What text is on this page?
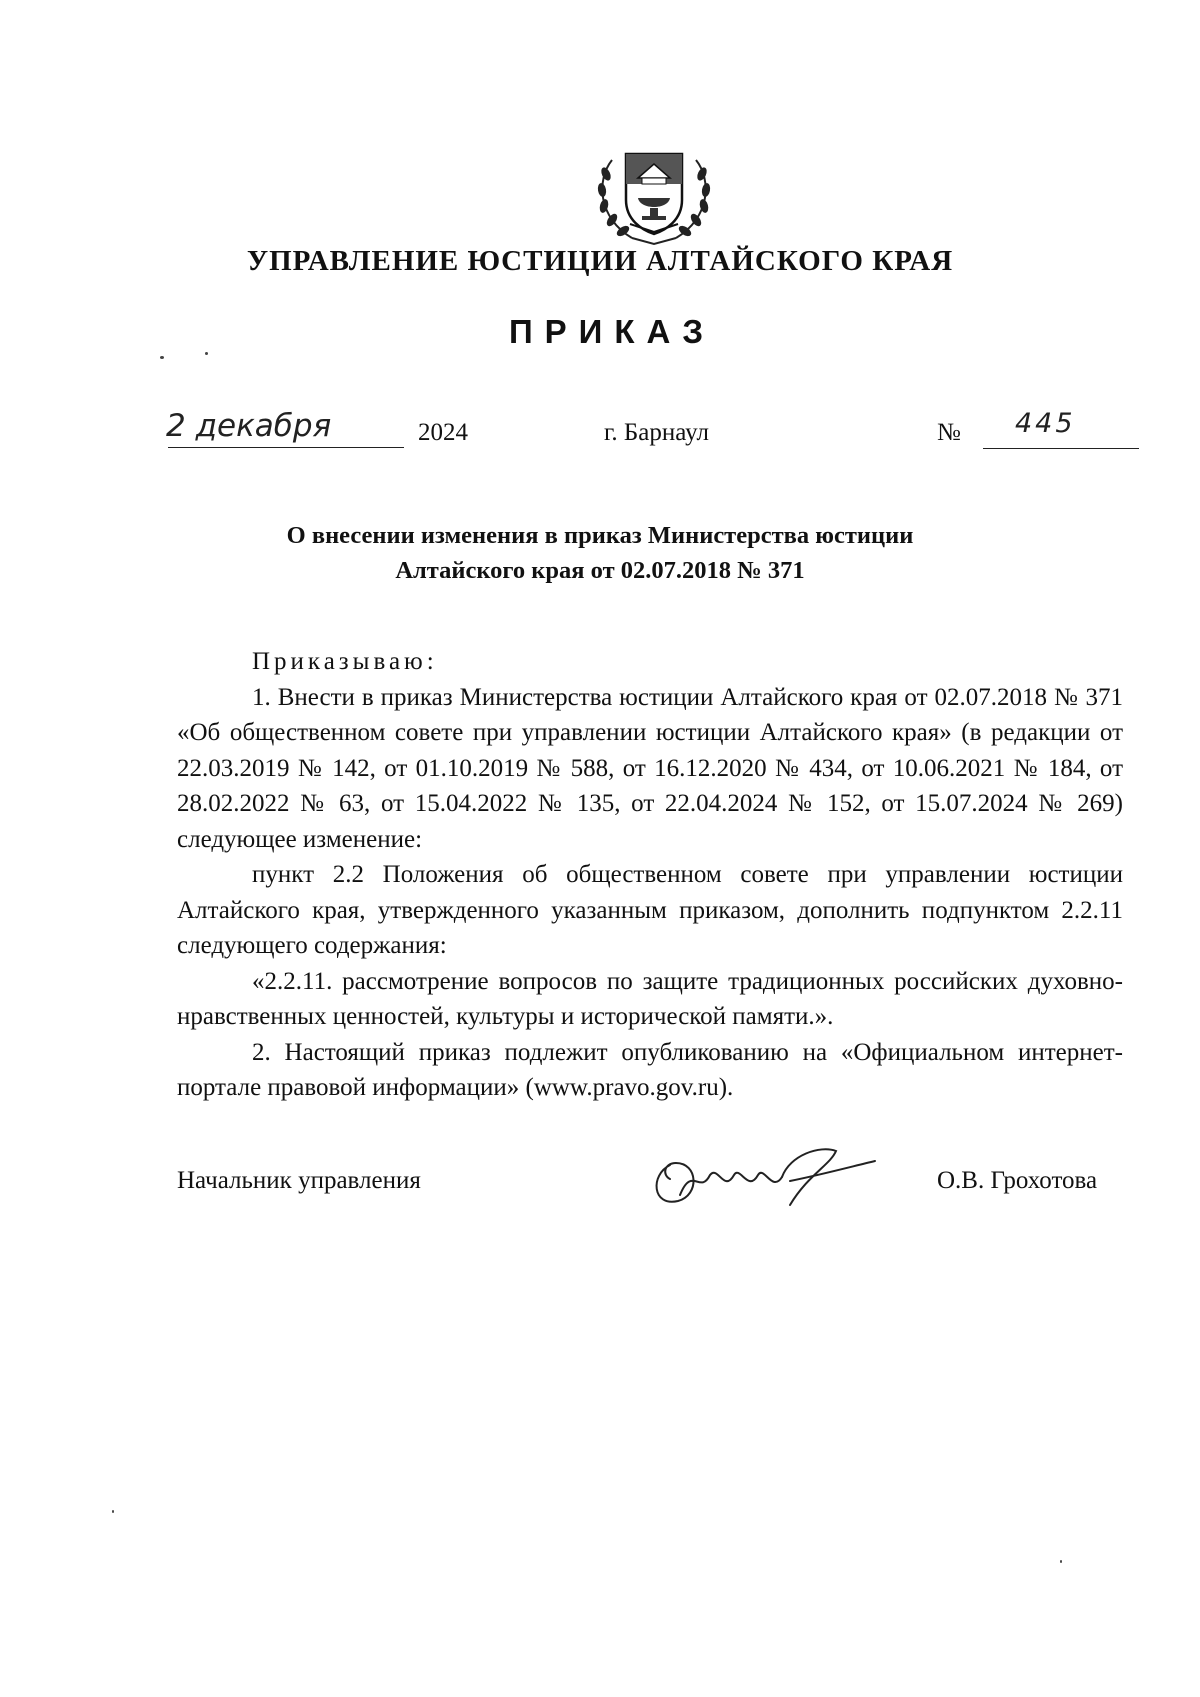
УПРАВЛЕНИЕ ЮСТИЦИИ АЛТАЙСКОГО КРАЯ
ПРИКАЗ
2 декабря	2024	г. Барнаул	№ 445
О внесении изменения в приказ Министерства юстиции
Алтайского края от 02.07.2018 № 371

Приказываю:

1. Внести в приказ Министерства юстиции Алтайского края от 02.07.2018 № 371 «Об общественном совете при управлении юстиции Алтайского края» (в редакции от 22.03.2019 № 142, от 01.10.2019 № 588, от 16.12.2020 № 434, от 10.06.2021 № 184, от 28.02.2022 № 63, от 15.04.2022 № 135, от 22.04.2024 № 152, от 15.07.2024 № 269) следующее изменение:

пункт 2.2 Положения об общественном совете при управлении юстиции Алтайского края, утвержденного указанным приказом, дополнить подпунктом 2.2.11 следующего содержания:

«2.2.11. рассмотрение вопросов по защите традиционных российских духовно-нравственных ценностей, культуры и исторической памяти.».

2. Настоящий приказ подлежит опубликованию на «Официальном интернет-портале правовой информации» (www.pravo.gov.ru).

Начальник управления	О.В. Грохотова
